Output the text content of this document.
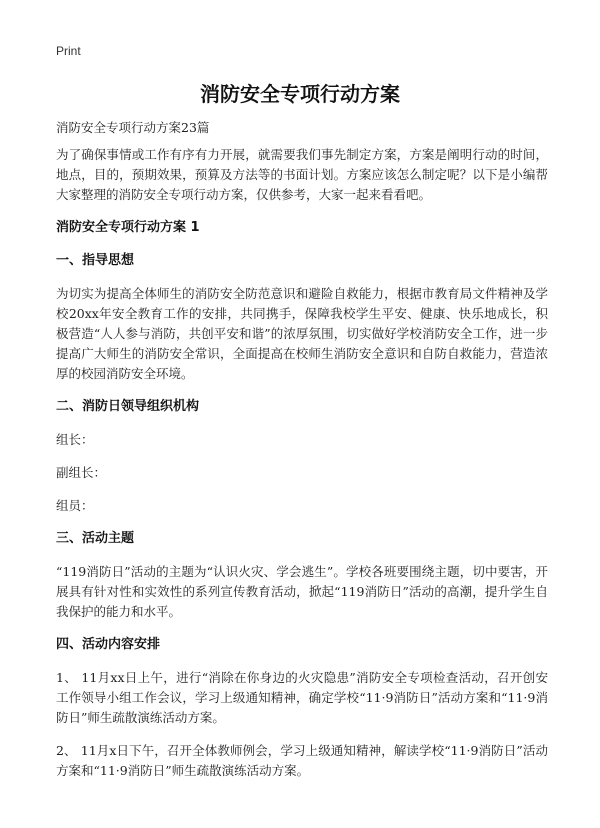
Print
消防安全专项行动方案

消防安全专项行动方案23篇

为了确保事情或工作有序有力开展，就需要我们事先制定方案，方案是阐明行动的时间，地点，目的，预期效果，预算及方法等的书面计划。方案应该怎么制定呢？以下是小编帮大家整理的消防安全专项行动方案，仅供参考，大家一起来看看吧。

消防安全专项行动方案 1

一、指导思想

为切实为提高全体师生的消防安全防范意识和避险自救能力，根据市教育局文件精神及学校20xx年安全教育工作的安排，共同携手，保障我校学生平安、健康、快乐地成长，积极营造“人人参与消防，共创平安和谐”的浓厚氛围，切实做好学校消防安全工作，进一步提高广大师生的消防安全常识，全面提高在校师生消防安全意识和自防自救能力，营造浓厚的校园消防安全环境。

二、消防日领导组织机构

组长：

副组长：

组员：

三、活动主题

“119消防日”活动的主题为“认识火灾、学会逃生”。学校各班要围绕主题，切中要害，开展具有针对性和实效性的系列宣传教育活动，掀起“119消防日”活动的高潮，提升学生自我保护的能力和水平。

四、活动内容安排

1、 11月xx日上午，进行“消除在你身边的火灾隐患”消防安全专项检查活动，召开创安工作领导小组工作会议，学习上级通知精神，确定学校“11·9消防日”活动方案和“11·9消防日”师生疏散演练活动方案。

2、 11月x日下午，召开全体教师例会，学习上级通知精神，解读学校“11·9消防日”活动方案和“11·9消防日”师生疏散演练活动方案。
